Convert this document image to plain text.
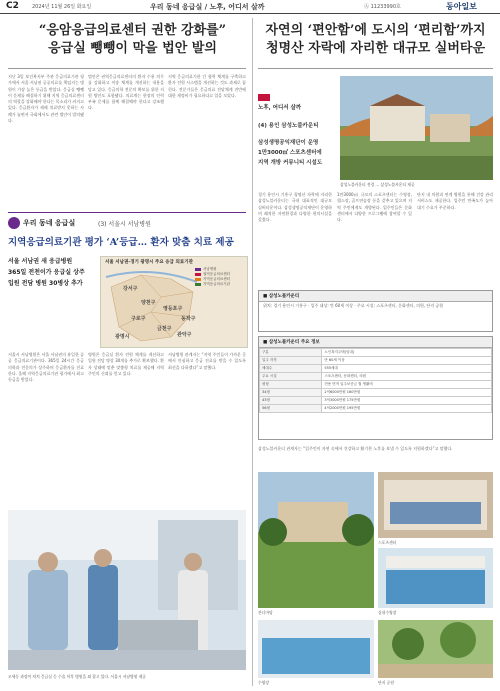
C2	2024년 11월 26일 화요일	우리 동네 응급실 / 노후, 어디서 살까	Ⓐ 11233990호	동아일보
“응암응급의료센터 권한 강화를”
응급실 뺑뺑이 막을 법안 발의
지난 3일 보건복지부 주관 응급의료기관 평가에서 서울 서남권 공공의료를 책임지는 병원이 가장 높은 등급을 받았다. 응급실 뺑뺑이 문제를 해결하기 위해 지역 응급의료센터의 역할을 강화해야 한다는 목소리가 커지고 있다. 응급환자가 제때 치료받지 못하는 사례가 늘면서 국회에서도 관련 법안이 발의됐다.
법안은 권역응급의료센터의 환자 수용 의무를 강화하고 이송 체계를 개선하는 내용을 담고 있다. 응급의학 전문의 확보를 위한 지원 방안도 포함됐다. 의료계는 현장의 인력 부족 문제를 함께 해결해야 한다고 강조했다.
지역 응급의료기관 간 협력 체계를 구축하고 환자 전원 시스템을 개선하는 것도 과제로 꼽힌다. 전문가들은 응급의료 전달체계 전반에 대한 재정비가 필요하다고 입을 모았다.
우리 동네 응급실	(3) 서울시 서남병원
지역응급의료기관 평가 ‘A’등급… 환자 맞춤 치료 제공
서울 서남권 새 응급병원
365일 전천이가 응급실 상주
입원 전담 병원 30병상 추가
서울 서남권-경기 광명시 주요 응급 의료기관
강서구
양천구
영등포구
구로구
금천구
관악구
광명시
동작구
서남병원
권역응급의료센터
지역응급의료센터
지역응급의료기관
서울시 서남병원은 서울 서남권의 유일한 공공 응급의료기관이다. 365일 24시간 응급의학과 전문의가 상주하며 응급환자를 진료한다. 올해 지역응급의료기관 평가에서 최고 등급을 받았다.
병원은 응급실 환자 전원 체계를 개선하고 입원 전담 병상 30개를 추가로 확보했다. 환자 상태에 맞춘 맞춤형 치료를 제공해 지역 주민의 신뢰를 얻고 있다.
서남병원 관계자는 “지역 주민들이 가까운 곳에서 안심하고 응급 진료를 받을 수 있도록 최선을 다하겠다”고 말했다.
오세동 과장이 처치 응급실 등 수술 이후 병원을 외 잡고 있다. 서울시 서남병원 제공
자연의 ‘편안함’에 도시의 ‘편리함’까지
청명산 자락에 자리한 대규모 실버타운
노후, 어디서 살까
(4) 용인 삼성노블카운티
삼성생명공익재단이 운영
1만3000㎡ 스포츠센터에
지역 개방 커뮤니티 시설도
삼성노블카운티 전경 … 삼성노블카운티 제공
경기 용인시 기흥구 청명산 자락에 자리한 삼성노블카운티는 국내 대표적인 대규모 실버타운이다. 삼성생명공익재단이 운영하며 쾌적한 자연환경과 다양한 편의시설을 갖췄다.
1만3000㎡ 규모의 스포츠센터는 수영장, 헬스장, 골프연습장 등을 갖추고 있으며 지역 주민에게도 개방된다. 입주민들은 문화센터에서 다양한 프로그램에 참여할 수 있다.
단지 내 의원과 연계 병원을 통해 건강 관리 서비스도 제공한다. 입주민 만족도가 높아 대기 수요가 꾸준하다.
■ 삼성노블카운티
위치: 경기 용인시 기흥구 · 입주 대상: 만 60세 이상 · 주요 시설: 스포츠센터, 문화센터, 의원, 단지 공원
■ 삼성노블카운티 주요 정보
구분	노인복지주택(임대)
입주 자격	만 60세 이상
세대수	555세대
주요 시설	스포츠센터, 문화센터, 의원
평형	전용 면적 입주보증금 월 생활비
34평	2억6000만원 160만원
43평	3억3000만원 175만원
56평	4억2000만원 195만원
삼성노블카운티 관계자는 “입주민이 자연 속에서 건강하고 활기찬 노후를 보낼 수 있도록 지원하겠다”고 말했다.
잔디마당
스포츠센터
실내수영장
수영장	단지 공원
